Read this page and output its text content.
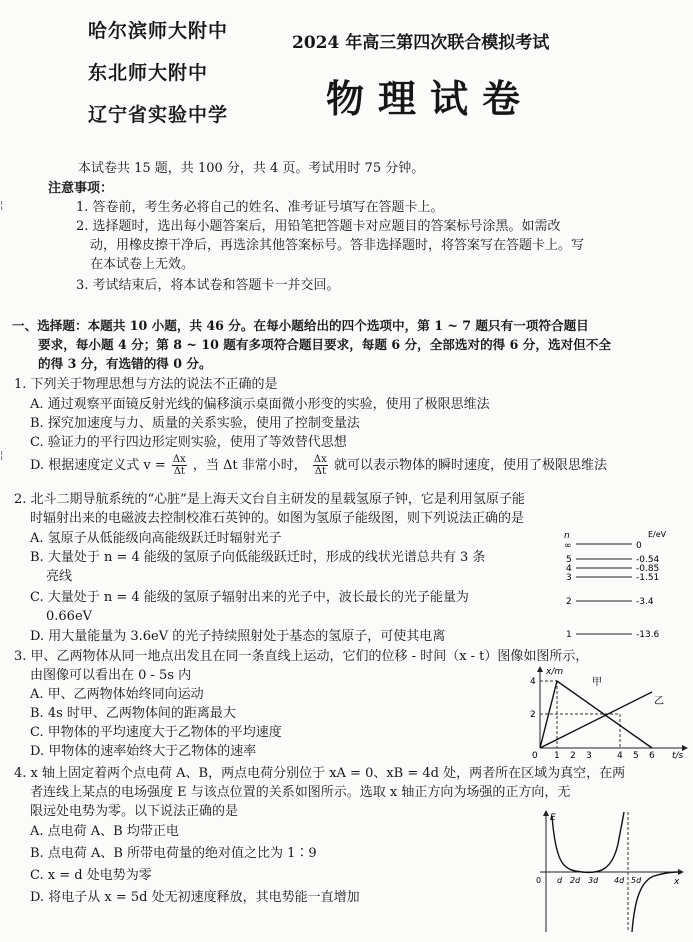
哈尔滨师大附中
东北师大附中
辽宁省实验中学
2024 年高三第四次联合模拟考试
物理试卷
¦
¦
本试卷共 15 题，共 100 分，共 4 页。考试用时 75 分钟。
注意事项：
1. 答卷前，考生务必将自己的姓名、准考证号填写在答题卡上。
2. 选择题时，选出每小题答案后，用铅笔把答题卡对应题目的答案标号涂黑。如需改
动，用橡皮擦干净后，再选涂其他答案标号。答非选择题时，将答案写在答题卡上。写
在本试卷上无效。
3. 考试结束后，将本试卷和答题卡一并交回。
一、选择题：本题共 10 小题，共 46 分。在每小题给出的四个选项中，第 1 ~ 7 题只有一项符合题目
要求，每小题 4 分；第 8 ~ 10 题有多项符合题目要求，每题 6 分，全部选对的得 6 分，选对但不全
的得 3 分，有选错的得 0 分。
1. 下列关于物理思想与方法的说法不正确的是
A. 通过观察平面镜反射光线的偏移演示桌面微小形变的实验，使用了极限思维法
B. 探究加速度与力、质量的关系实验，使用了控制变量法
C. 验证力的平行四边形定则实验，使用了等效替代思想
D. 根据速度定义式 $v = \frac{\Delta x}{\Delta t}$ ，当 Δt 非常小时， $\frac{\Delta x}{\Delta t}$ 就可以表示物体的瞬时速度，使用了极限思维法
2. 北斗二期导航系统的“心脏”是上海天文台自主研发的星载氢原子钟，它是利用氢原子能
时辐射出来的电磁波去控制校准石英钟的。如图为氢原子能级图，则下列说法正确的是
A. 氢原子从低能级向高能级跃迁时辐射光子
B. 大量处于 n = 4 能级的氢原子向低能级跃迁时，形成的线状光谱总共有 3 条
亮线
C. 大量处于 n = 4 能级的氢原子辐射出来的光子中，波长最长的光子能量为
0.66eV
D. 用大量能量为 3.6eV 的光子持续照射处于基态的氢原子，可使其电离
n	E/eV
∞	0
5	-0.54
4	-0.85
3	-1.51
2	-3.4
1	-13.6
3. 甲、乙两物体从同一地点出发且在同一条直线上运动，它们的位移 - 时间（x - t）图像如图所示，
由图像可以看出在 0 - 5s 内
A. 甲、乙两物体始终同向运动
B. 4s 时甲、乙两物体间的距离最大
C. 甲物体的平均速度大于乙物体的平均速度
D. 甲物体的速率始终大于乙物体的速率
x/m
t/s
0
2
4	甲
乙
1 2 3	4 5 6
4. x 轴上固定着两个点电荷 A、B，两点电荷分别位于 xA = 0、xB = 4d 处，两者所在区域为真空，在两
者连线上某点的电场强度 E 与该点位置的关系如图所示。选取 x 轴正方向为场强的正方向，无
限远处电势为零。以下说法正确的是
A. 点电荷 A、B 均带正电
B. 点电荷 A、B 所带电荷量的绝对值之比为 1∶9
C. x = d 处电势为零
D. 将电子从 x = 5d 处无初速度释放，其电势能一直增加
E
x
0 d 2d 3d 4d 5d
